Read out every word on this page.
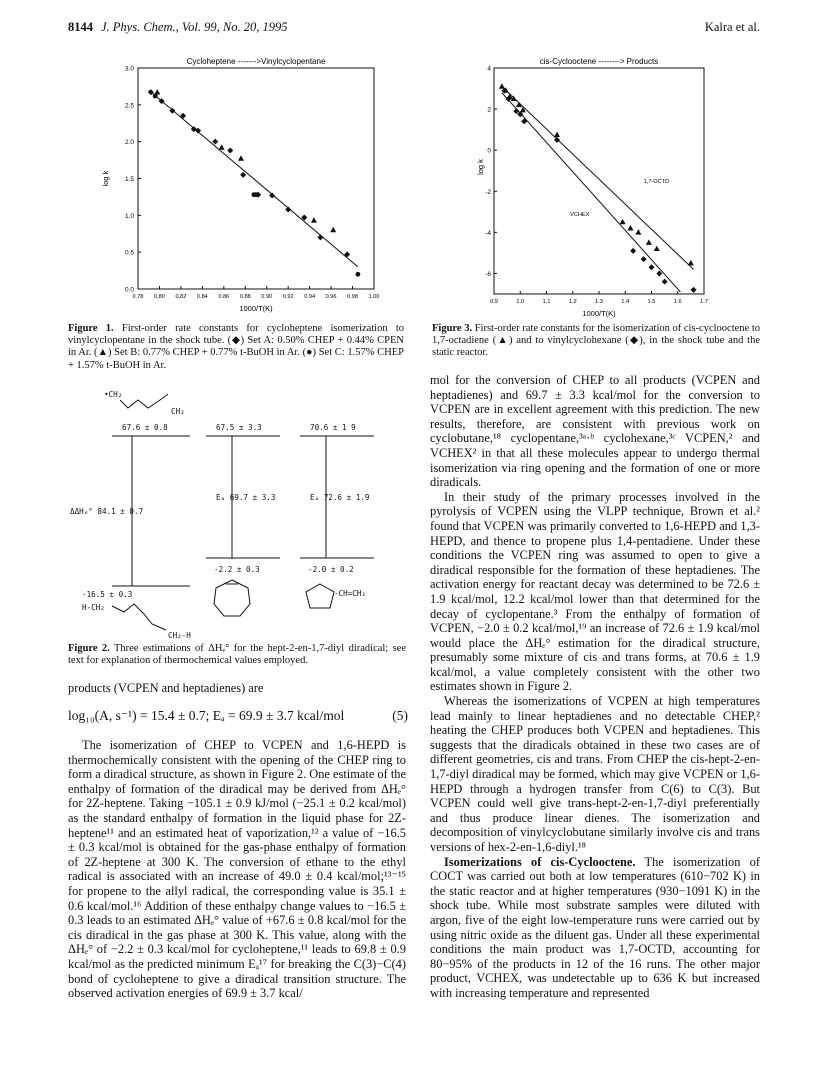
8144 J. Phys. Chem., Vol. 99, No. 20, 1995	Kalra et al.
Cycloheptene ------->Vinylcyclopentane
0.78 0.80 0.82 0.84 0.86 0.88 0.90 0.92 0.94 0.96 0.98 1.00
0.0
0.5
1.0
1.5
2.0
2.5
3.0
1000/T(K)
log k
Figure 1. First-order rate constants for cycloheptene isomerization to vinylcyclopentane in the shock tube. (◆) Set A: 0.50% CHEP + 0.44% CPEN in Ar. (▲) Set B: 0.77% CHEP + 0.77% t-BuOH in Ar. (●) Set C: 1.57% CHEP + 1.57% t-BuOH in Ar.
•CH₂
CH₂
67.6 ± 0.8	67.5 ± 3.3	70.6 ± 1 9
Eₐ 69.7 ± 3.3	Eₐ 72.6 ± 1.9
ΔΔHₑ° 84.1 ± 0.7
-16.5 ± 0.3
-2.2 ± 0.3	-2.0 ± 0.2
H-CH₂
CH₂-H
-CH=CH₂
Figure 2. Three estimations of ΔHₑ° for the hept-2-en-1,7-diyl diradical; see text for explanation of thermochemical values employed.

products (VCPEN and heptadienes) are

log₁₀(A, s⁻¹) = 15.4 ± 0.7; Eₐ = 69.9 ± 3.7 kcal/mol	(5)

The isomerization of CHEP to VCPEN and 1,6-HEPD is thermochemically consistent with the opening of the CHEP ring to form a diradical structure, as shown in Figure 2. One estimate of the enthalpy of formation of the diradical may be derived from ΔHₑ° for 2Z-heptene. Taking −105.1 ± 0.9 kJ/mol (−25.1 ± 0.2 kcal/mol) as the standard enthalpy of formation in the liquid phase for 2Z-heptene¹¹ and an estimated heat of vaporization,¹² a value of −16.5 ± 0.3 kcal/mol is obtained for the gas-phase enthalpy of formation of 2Z-heptene at 300 K. The conversion of ethane to the ethyl radical is associated with an increase of 49.0 ± 0.4 kcal/mol;¹³⁻¹⁵ for propene to the allyl radical, the corresponding value is 35.1 ± 0.6 kcal/mol.¹⁶ Addition of these enthalpy change values to −16.5 ± 0.3 leads to an estimated ΔHₑ° value of +67.6 ± 0.8 kcal/mol for the cis diradical in the gas phase at 300 K. This value, along with the ΔHₑ° of −2.2 ± 0.3 kcal/mol for cycloheptene,¹¹ leads to 69.8 ± 0.9 kcal/mol as the predicted minimum Eₐ¹⁷ for breaking the C(3)−C(4) bond of cycloheptene to give a diradical transition structure. The observed activation energies of 69.9 ± 3.7 kcal/

cis-Cyclooctene --------> Products
0.9	1.0	1.1	1.2	1.3	1.4	1.5	1.6	1.7
4
2
0
-2
-4
-6
1000/T(K)
log k
1,7-OCTD
VCHEX
Figure 3. First-order rate constants for the isomerization of cis-cyclooctene to 1,7-octadiene (▲) and to vinylcyclohexane (◆), in the shock tube and the static reactor.

mol for the conversion of CHEP to all products (VCPEN and heptadienes) and 69.7 ± 3.3 kcal/mol for the conversion to VCPEN are in excellent agreement with this prediction. The new results, therefore, are consistent with previous work on cyclobutane,¹⁸ cyclopentane,³ᵃ·ᵇ cyclohexane,³ᶜ VCPEN,² and VCHEX² in that all these molecules appear to undergo thermal isomerization via ring opening and the formation of one or more diradicals.

In their study of the primary processes involved in the pyrolysis of VCPEN using the VLPP technique, Brown et al.² found that VCPEN was primarily converted to 1,6-HEPD and 1,3-HEPD, and thence to propene plus 1,4-pentadiene. Under these conditions the VCPEN ring was assumed to open to give a diradical responsible for the formation of these heptadienes. The activation energy for reactant decay was determined to be 72.6 ± 1.9 kcal/mol, 12.2 kcal/mol lower than that determined for the decay of cyclopentane.³ From the enthalpy of formation of VCPEN, −2.0 ± 0.2 kcal/mol,¹⁹ an increase of 72.6 ± 1.9 kcal/mol would place the ΔHₑ° estimation for the diradical structure, presumably some mixture of cis and trans forms, at 70.6 ± 1.9 kcal/mol, a value completely consistent with the other two estimates shown in Figure 2.

Whereas the isomerizations of VCPEN at high temperatures lead mainly to linear heptadienes and no detectable CHEP,² heating the CHEP produces both VCPEN and heptadienes. This suggests that the diradicals obtained in these two cases are of different geometries, cis and trans. From CHEP the cis-hept-2-en-1,7-diyl diradical may be formed, which may give VCPEN or 1,6-HEPD through a hydrogen transfer from C(6) to C(3). But VCPEN could well give trans-hept-2-en-1,7-diyl preferentially and thus produce linear dienes. The isomerization and decomposition of vinylcyclobutane similarly involve cis and trans versions of hex-2-en-1,6-diyl.¹⁸

Isomerizations of cis-Cyclooctene. The isomerization of COCT was carried out both at low temperatures (610−702 K) in the static reactor and at higher temperatures (930−1091 K) in the shock tube. While most substrate samples were diluted with argon, five of the eight low-temperature runs were carried out by using nitric oxide as the diluent gas. Under all these experimental conditions the main product was 1,7-OCTD, accounting for 80−95% of the products in 12 of the 16 runs. The other major product, VCHEX, was undetectable up to 636 K but increased with increasing temperature and represented
